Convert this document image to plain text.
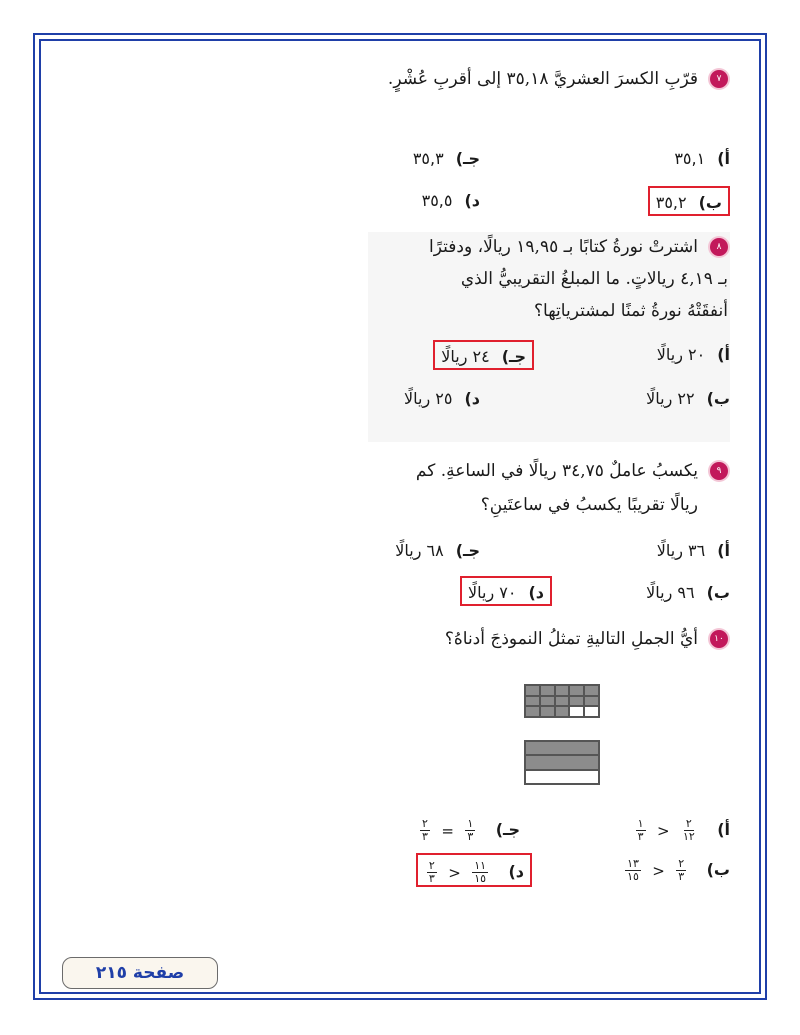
٧
قرّبِ الكسرَ العشريَّ ٣٥,١٨ إلى أقربِ عُشْرٍ.
أ)٣٥,١
جـ)٣٥,٣
ب)٣٥,٢
د)٣٥,٥
٨
اشترتْ نورةُ كتابًا بـ ١٩,٩٥ ريالًا، ودفترًا
بـ ٤,١٩ ريالاتٍ. ما المبلغُ التقريبيُّ الذي
أنفقَتْهُ نورةُ ثمنًا لمشترياتِها؟
أ)٢٠ ريالًا
جـ)٢٤ ريالًا
ب)٢٢ ريالًا
د)٢٥ ريالًا
٩
يكسبُ عاملٌ ٣٤,٧٥ ريالًا في الساعةِ. كم
ريالًا تقريبًا يكسبُ في ساعتَينِ؟
أ)٣٦ ريالًا
جـ)٦٨ ريالًا
ب)٩٦ ريالًا
د)٧٠ ريالًا
١٠
أيُّ الجملِ التاليةِ تمثلُ النموذجَ أدناهُ؟
أ)
$\frac{٢}{١٢}$
<
$\frac{١}{٣}$
جـ)
$\frac{١}{٣}$
=
$\frac{٢}{٣}$
ب)
$\frac{٢}{٣}$
<
$\frac{١٣}{١٥}$
د)
$\frac{١١}{١٥}$
<
$\frac{٢}{٣}$
صفحة ٢١٥
